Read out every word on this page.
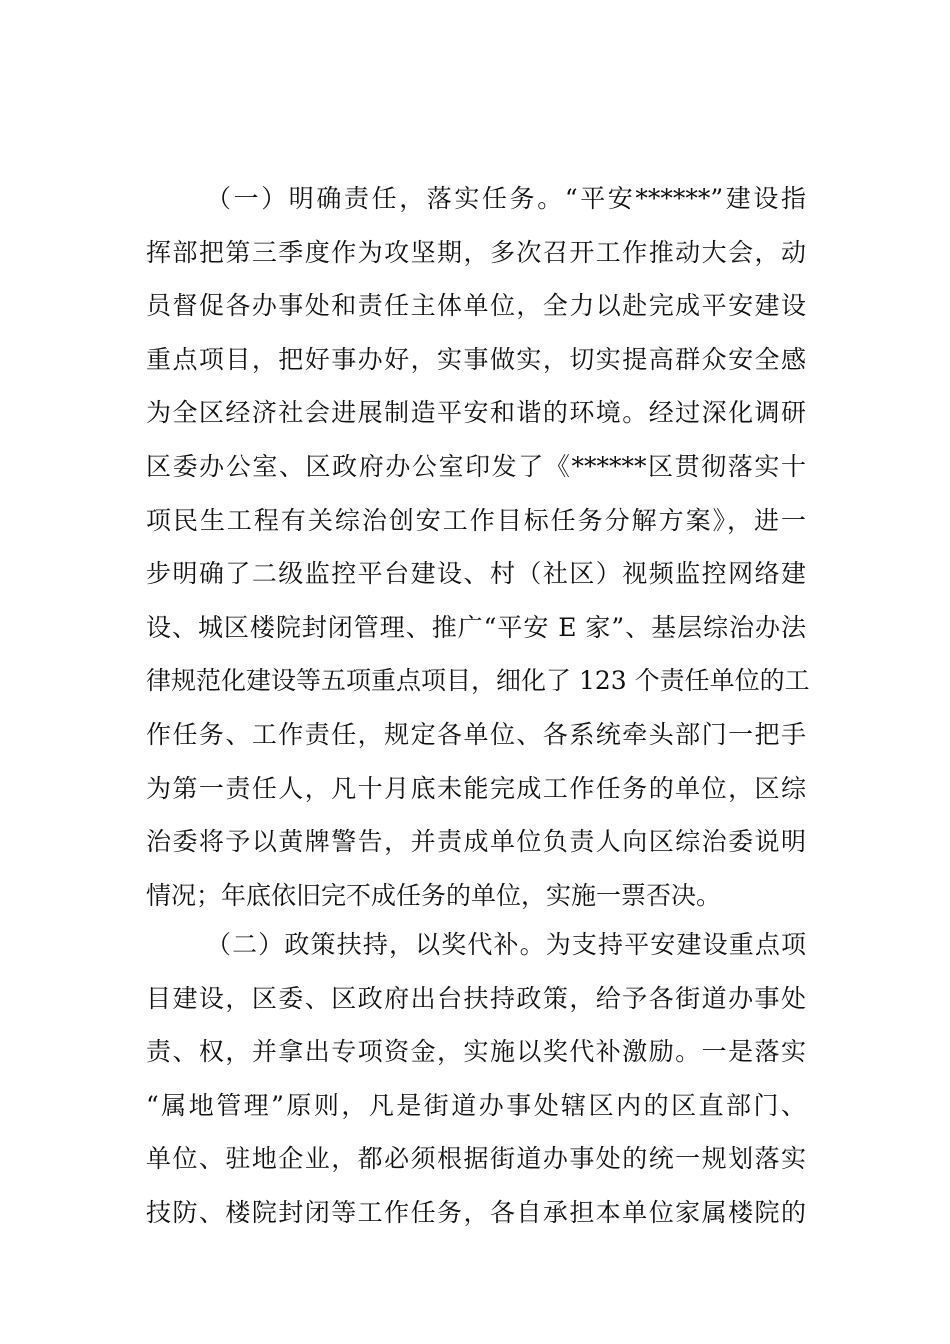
（一）明确责任，落实任务。“平安******”建设指
挥部把第三季度作为攻坚期，多次召开工作推动大会，动
员督促各办事处和责任主体单位，全力以赴完成平安建设
重点项目，把好事办好，实事做实，切实提高群众安全感
为全区经济社会进展制造平安和谐的环境。经过深化调研
区委办公室、区政府办公室印发了《******区贯彻落实十
项民生工程有关综治创安工作目标任务分解方案》，进一
步明确了二级监控平台建设、村（社区）视频监控网络建
设、城区楼院封闭管理、推广“平安 E 家”、基层综治办法
律规范化建设等五项重点项目，细化了 123 个责任单位的工
作任务、工作责任，规定各单位、各系统牵头部门一把手
为第一责任人，凡十月底未能完成工作任务的单位，区综
治委将予以黄牌警告，并责成单位负责人向区综治委说明
情况；年底依旧完不成任务的单位，实施一票否决。
（二）政策扶持，以奖代补。为支持平安建设重点项
目建设，区委、区政府出台扶持政策，给予各街道办事处
责、权，并拿出专项资金，实施以奖代补激励。一是落实
“属地管理”原则，凡是街道办事处辖区内的区直部门、
单位、驻地企业，都必须根据街道办事处的统一规划落实
技防、楼院封闭等工作任务，各自承担本单位家属楼院的
